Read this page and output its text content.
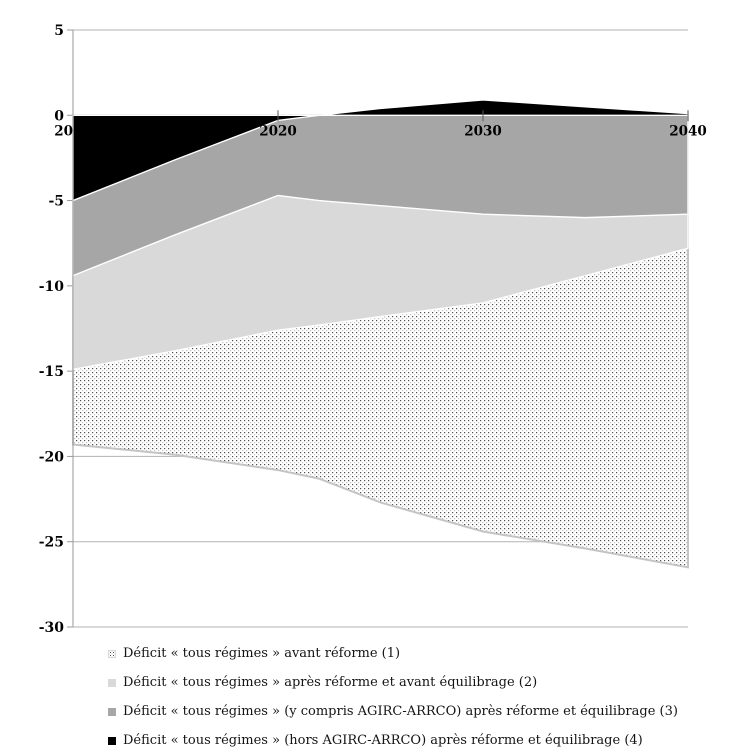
5
0
-5
-10
-15
-20
-25
-30
2010	2020	2030	2040
Déficit « tous régimes » avant réforme (1)
Déficit « tous régimes » après réforme et avant équilibrage (2)
Déficit « tous régimes » (y compris AGIRC-ARRCO) après réforme et équilibrage (3)
Déficit « tous régimes » (hors AGIRC-ARRCO) après réforme et équilibrage (4)
